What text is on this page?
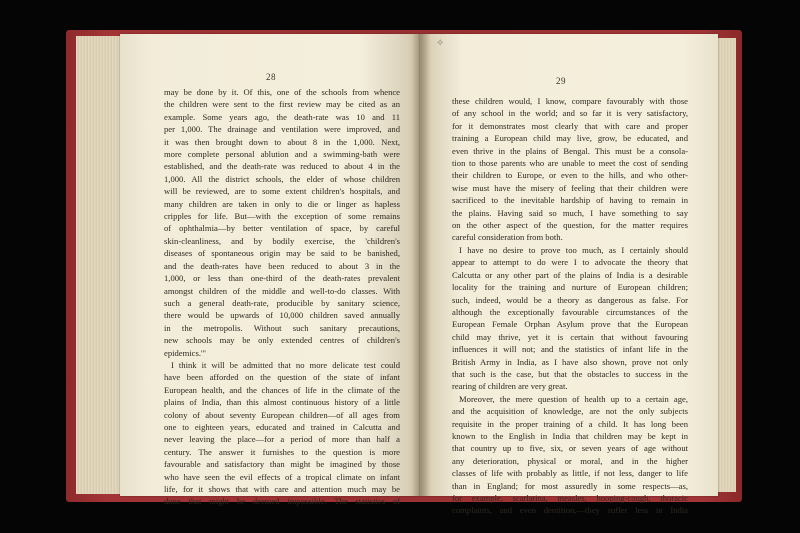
✧
28	29
may be done by it. Of this, one of the schools from whence
the children were sent to the first review may be cited as an
example. Some years ago, the death-rate was 10 and 11
per 1,000. The drainage and ventilation were improved, and
it was then brought down to about 8 in the 1,000. Next,
more complete personal ablution and a swimming-bath were
established, and the death-rate was reduced to about 4 in the
1,000. All the district schools, the elder of whose children
will be reviewed, are to some extent children's hospitals, and
many children are taken in only to die or linger as hapless
cripples for life. But—with the exception of some remains
of ophthalmia—by better ventilation of space, by careful
skin-cleanliness, and by bodily exercise, the 'children's
diseases of spontaneous origin may be said to be banished,
and the death-rates have been reduced to about 3 in the
1,000, or less than one-third of the death-rates prevalent
amongst children of the middle and well-to-do classes. With
such a general death-rate, producible by sanitary science,
there would be upwards of 10,000 children saved annually
in the metropolis. Without such sanitary precautions,
new schools may be only extended centres of children's
epidemics.'"
I think it will be admitted that no more delicate test could
have been afforded on the question of the state of infant
European health, and the chances of life in the climate of the
plains of India, than this almost continuous history of a little
colony of about seventy European children—of all ages from
one to eighteen years, educated and trained in Calcutta and
never leaving the place—for a period of more than half a
century. The answer it furnishes to the question is more
favourable and satisfactory than might be imagined by those
who have seen the evil effects of a tropical climate on infant
life, for it shows that with care and attention much may be
done that might be deemed impossible. The statistics of
these children would, I know, compare favourably with those
of any school in the world; and so far it is very satisfactory,
for it demonstrates most clearly that with care and proper
training a European child may live, grow, be educated, and
even thrive in the plains of Bengal. This must be a consola-
tion to those parents who are unable to meet the cost of sending
their children to Europe, or even to the hills, and who other-
wise must have the misery of feeling that their children were
sacrificed to the inevitable hardship of having to remain in
the plains. Having said so much, I have something to say
on the other aspect of the question, for the matter requires
careful consideration from both.
I have no desire to prove too much, as I certainly should
appear to attempt to do were I to advocate the theory that
Calcutta or any other part of the plains of India is a desirable
locality for the training and nurture of European children;
such, indeed, would be a theory as dangerous as false. For
although the exceptionally favourable circumstances of the
European Female Orphan Asylum prove that the European
child may thrive, yet it is certain that without favouring
influences it will not; and the statistics of infant life in the
British Army in India, as I have also shown, prove not only
that such is the case, but that the obstacles to success in the
rearing of children are very great.
Moreover, the mere question of health up to a certain age,
and the acquisition of knowledge, are not the only subjects
requisite in the proper training of a child. It has long been
known to the English in India that children may be kept in
that country up to five, six, or seven years of age without
any deterioration, physical or moral, and in the higher
classes of life with probably as little, if not less, danger to life
than in England; for most assuredly in some respects—as,
for example, scarlatina, measles, hooping-cough, thoracic
complaints, and even dentition,—they suffer less in India
